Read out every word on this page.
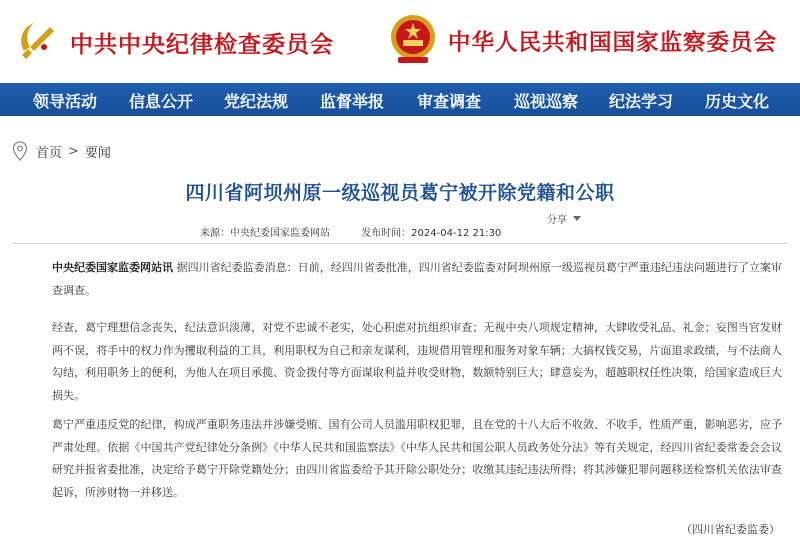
中共中央纪律检查委员会	中华人民共和国国家监察委员会
领导活动 信息公开 党纪法规 监督举报 审查调查 巡视巡察 纪法学习 历史文化
首页 > 要闻
四川省阿坝州原一级巡视员葛宁被开除党籍和公职
分享
来源：中央纪委国家监委网站	发布时间：2024-04-12 21:30

中央纪委国家监委网站讯 据四川省纪委监委消息：日前，经四川省委批准，四川省纪委监委对阿坝州原一级巡视员葛宁严重违纪违法问题进行了立案审查调查。

经查，葛宁理想信念丧失，纪法意识淡薄，对党不忠诚不老实，处心积虑对抗组织审查；无视中央八项规定精神，大肆收受礼品、礼金；妄图当官发财两不误，将手中的权力作为攫取利益的工具，利用职权为自己和亲友谋利，违规借用管理和服务对象车辆；大搞权钱交易，片面追求政绩，与不法商人勾结，利用职务上的便利，为他人在项目承揽、资金拨付等方面谋取利益并收受财物，数额特别巨大；肆意妄为，超越职权任性决策，给国家造成巨大损失。

葛宁严重违反党的纪律，构成严重职务违法并涉嫌受贿、国有公司人员滥用职权犯罪，且在党的十八大后不收敛、不收手，性质严重，影响恶劣，应予严肃处理。依据《中国共产党纪律处分条例》《中华人民共和国监察法》《中华人民共和国公职人员政务处分法》等有关规定，经四川省纪委常委会会议研究并报省委批准，决定给予葛宁开除党籍处分；由四川省监委给予其开除公职处分；收缴其违纪违法所得；将其涉嫌犯罪问题移送检察机关依法审查起诉，所涉财物一并移送。

（四川省纪委监委）
